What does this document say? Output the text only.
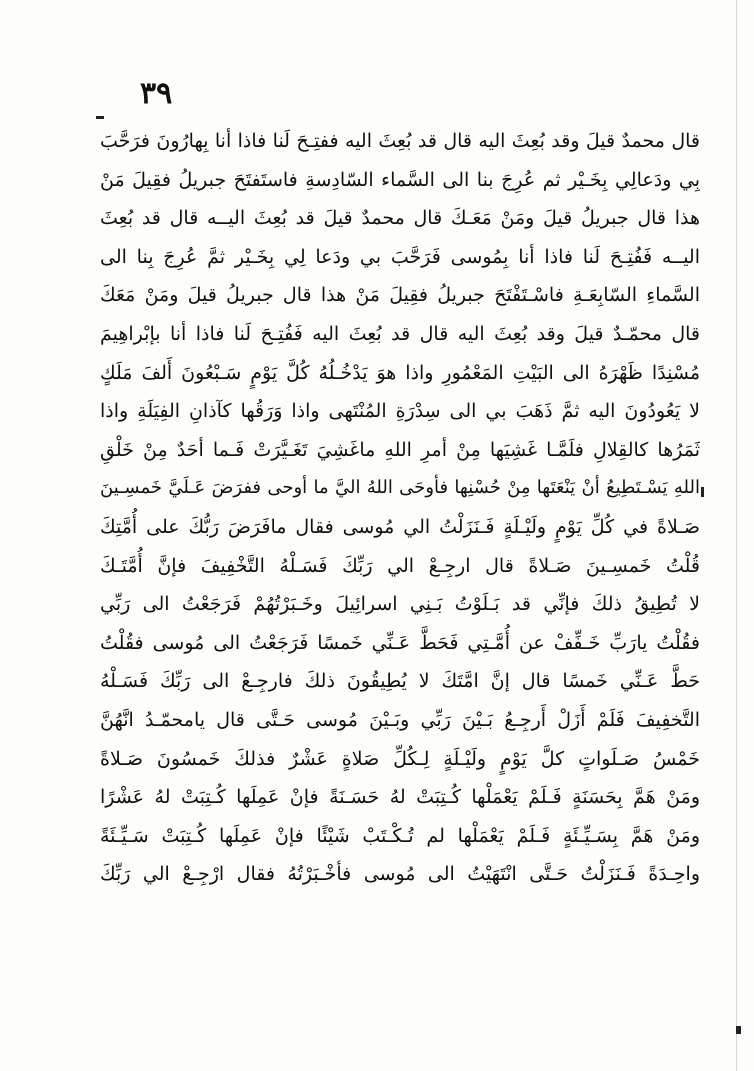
٣٩
قال محمدٌ قيلَ وقد بُعِثَ اليه قال قد بُعِثَ اليه ففتِـحَ لَنا فاذا أنا بِهارُونَ فرَحَّبَ
بِي ودَعالِي بِخَـيْر ثم عُرِجَ بنا الى السَّماء السّادِسةِ فاستَفتَحَ جبريلُ فقِيلَ مَنْ
هذا قال جبريلُ قيلَ ومَنْ مَعَـكَ قال محمدٌ قيلَ قد بُعِثَ اليــه قال قد بُعِثَ
اليــه فَفُتِـحَ لَنا فاذا أنا بِمُوسى فَرَحَّبَ بي ودَعا لِي بِخَـيْر ثمَّ عُرِجَ بِنا الى
السَّماءِ السّابِعَـةِ فاسْـتَفْتَحَ جبريلُ فقِيلَ مَنْ هذا قال جبريلُ قيلَ ومَنْ مَعَكَ
قال محمّـدٌ قيلَ وقد بُعِثَ اليه قال قد بُعِثَ اليه فَفُتِـحَ لَنا فاذا أنا بإبْراهِيمَ
مُسْنِدًا ظَهْرَهُ الى البَيْتِ المَعْمُورِ واذا هوَ يَدْخُـلُهُ كُلَّ يَوْمٍ سَـبْعُونَ أَلفَ مَلَكٍ
لا يَعُودُونَ اليه ثمَّ ذَهَبَ بي الى سِدْرَةِ المُنْتَهى واذا وَرَقُها كآذانِ الفِيَلَةِ واذا
ثَمَرُها كالقِلالِ فلَمَّـا غَشِيَها مِنْ أمرِ اللهِ ماغَشِيَ تَغَـيَّرَتْ فَـما أحَدٌ مِنْ خَلْقِ
اللهِ يَسْـتَطِيعُ أنْ يَنْعَتَها مِنْ حُسْنِها فأوحَى اللهُ اليَّ ما أوحى ففرَضَ عَـلَيَّ خَمسِـينَ
صَـلاةً في كُلِّ يَوْمٍ ولَيْـلَةٍ فَـنَزَلْتُ الي مُوسى فقال مافَرَضَ رَبُّكَ على أُمَّتِكَ
قُلْتُ خَمسِـينَ صَـلاةً قال ارجِـعْ الي رَبِّكَ فَسَـلْهُ التَّخْفِيفَ فإنَّ أُمَّتَـكَ
لا تُطِيقُ ذلكَ فإنِّي قد بَـلَوْتُ بَـنِي اسرائِيلَ وخَـبَرْتُهُمْ فَرَجَعْتُ الى رَبِّي
فقُلْتُ يارَبِّ خَـفِّفْ عن أُمَّـتِي فَحَطَّ عَـنِّي خَمسًا فَرَجَعْتُ الى مُوسى فقُلْتُ
حَطَّ عَـنِّي خَمسًا قال إنَّ امَّتَكَ لا يُطِيقُونَ ذلكَ فارجِـعْ الى رَبِّكَ فَسَـلْهُ
التَّخفِيفَ فَلَمْ أَزَلْ أَرجِـعُ بَـيْنَ رَبِّي وبَـيْنَ مُوسى حَـتَّى قال يامحمّـدُ انَّهُنَّ
خَمْسُ صَـلَواتٍ كلَّ يَوْمٍ ولَيْـلَةٍ لِـكُلِّ صَلاةٍ عَشْرٌ فذلكَ خَمسُونَ صَـلاةً
ومَنْ هَمَّ بِحَسَنَةٍ فَـلَمْ يَعْمَلْها كُـتِبَتْ لهُ حَسَـنَةً فإنْ عَمِلَها كُـتِبَتْ لهُ عَشْرًا
ومَنْ هَمَّ بِسَـيِّـئَةٍ فَـلَمْ يَعْمَلْها لم تُـكْـتَبْ شَيْئًا فإنْ عَمِلَها كُـتِبَتْ سَـيِّـئَةً
واحِـدَةً فَـنَزَلْتُ حَـتَّى انْتَهَيْتُ الى مُوسى فأخْـبَرْتُهُ فقال ارْجِـعْ الي رَبِّكَ
